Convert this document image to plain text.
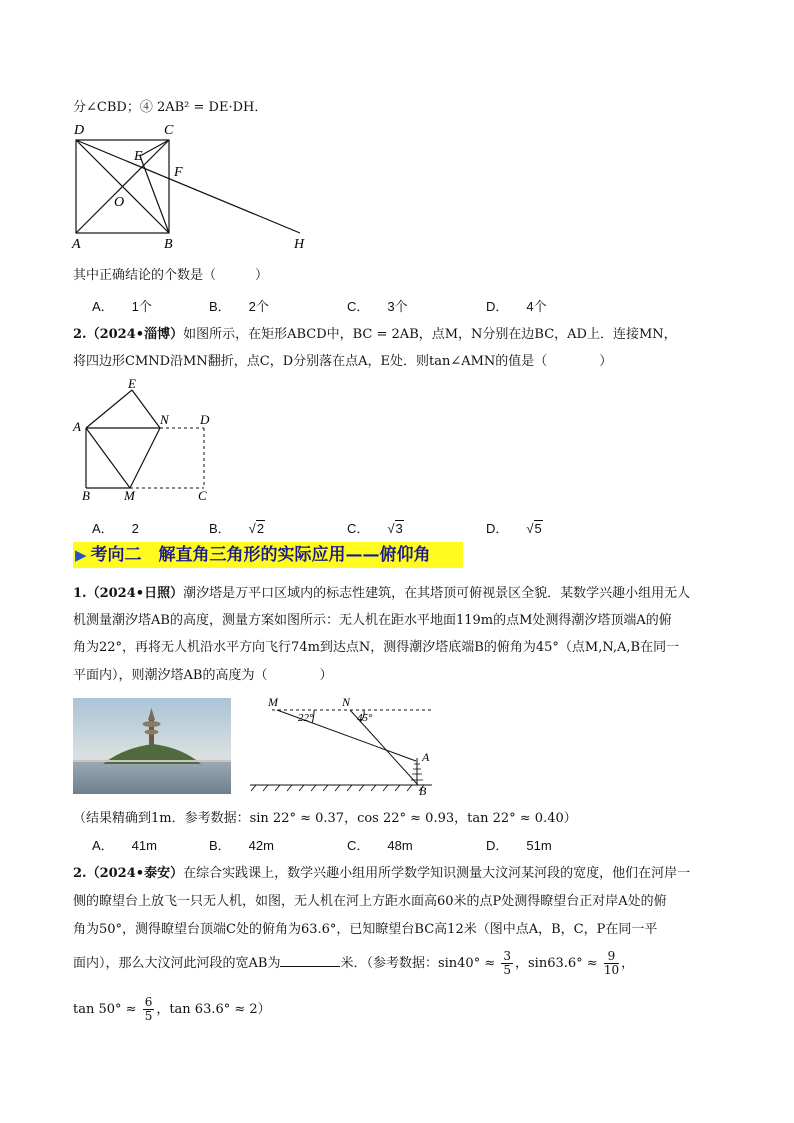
分∠CBD；④ 2AB² = DE·DH．
D	C
E
F
O
A	B	H
其中正确结论的个数是（　　　）
A． 1个	B． 2个	C． 3个	D． 4个
2.（2024•淄博）如图所示，在矩形ABCD中，BC = 2AB，点M，N分别在边BC，AD上．连接MN，
将四边形CMND沿MN翻折，点C，D分别落在点A，E处．则tan∠AMN的值是（　　　　）
E
A	N D
B	M	C
A． 2	B． √2	C． √3	D． √5
▶ 考向二　解直角三角形的实际应用——俯仰角
1.（2024•日照）潮汐塔是万平口区域内的标志性建筑，在其塔顶可俯视景区全貌．某数学兴趣小组用无人
机测量潮汐塔AB的高度，测量方案如图所示：无人机在距水平地面119m的点M处测得潮汐塔顶端A的俯
角为22°，再将无人机沿水平方向飞行74m到达点N，测得潮汐塔底端B的俯角为45°（点M,N,A,B在同一
平面内），则潮汐塔AB的高度为（　　　　）
M	N
22°	45°
A
B
（结果精确到1m．参考数据：sin 22° ≈ 0.37，cos 22° ≈ 0.93，tan 22° ≈ 0.40）
A． 41m	B． 42m	C． 48m	D． 51m
2.（2024•泰安）在综合实践课上，数学兴趣小组用所学数学知识测量大汶河某河段的宽度，他们在河岸一
侧的瞭望台上放飞一只无人机，如图，无人机在河上方距水面高60米的点P处测得瞭望台正对岸A处的俯
角为50°，测得瞭望台顶端C处的俯角为63.6°，已知瞭望台BC高12米（图中点A，B，C，P在同一平
面内），那么大汶河此河段的宽AB为	米．（参考数据：$\sin 40^\circ \approx \frac{3}{5}$ ，$\sin 63.6^\circ \approx \frac{9}{10}$ ，
$\tan 50^\circ \approx \frac{6}{5}$ ，tan 63.6° ≈ 2）
